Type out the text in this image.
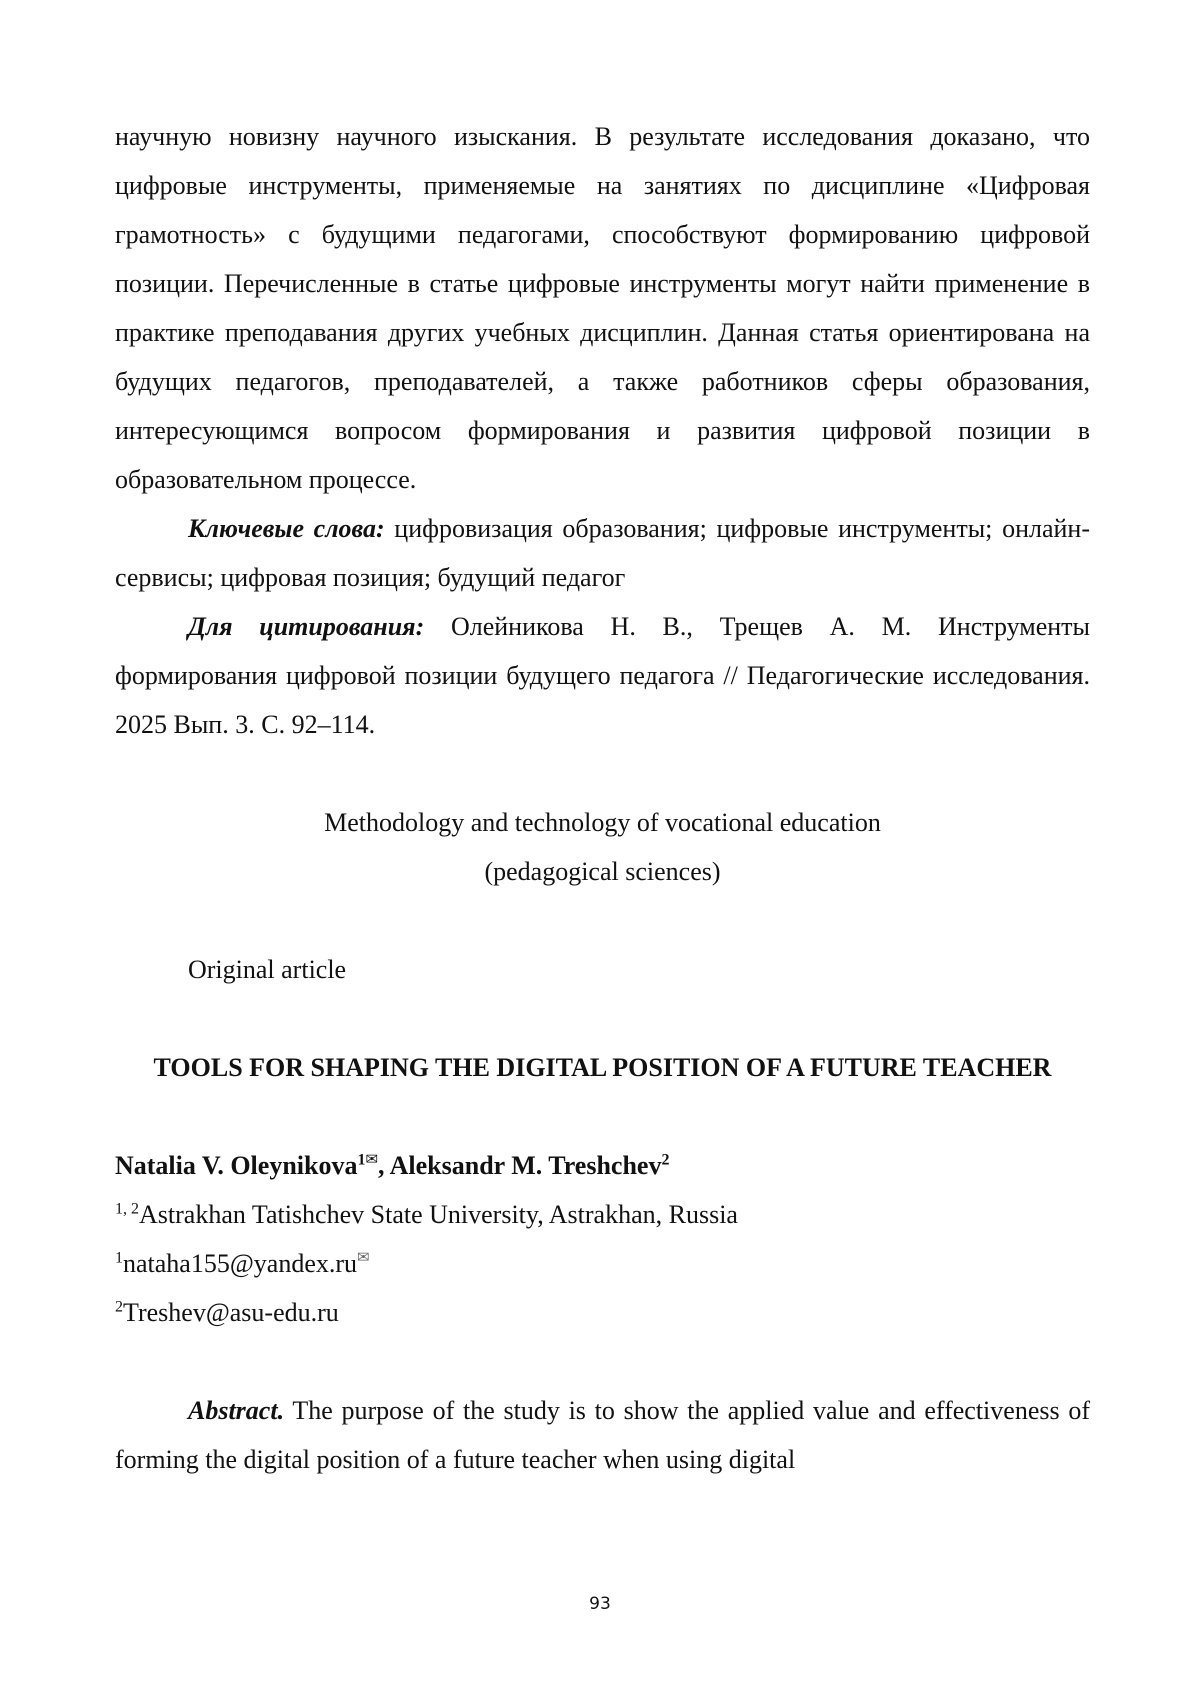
научную новизну научного изыскания. В результате исследования доказано, что цифровые инструменты, применяемые на занятиях по дисциплине «Цифровая грамотность» с будущими педагогами, способствуют формированию цифровой позиции. Перечисленные в статье цифровые инструменты могут найти применение в практике преподавания других учебных дисциплин. Данная статья ориентирована на будущих педагогов, преподавателей, а также работников сферы образования, интересующимся вопросом формирования и развития цифровой позиции в образовательном процессе.

Ключевые слова: цифровизация образования; цифровые инструменты; онлайн-сервисы; цифровая позиция; будущий педагог

Для цитирования: Олейникова Н. В., Трещев А. М. Инструменты формирования цифровой позиции будущего педагога // Педагогические исследования. 2025 Вып. 3. С. 92–114.

Methodology and technology of vocational education

(pedagogical sciences)

Original article

TOOLS FOR SHAPING THE DIGITAL POSITION OF A FUTURE TEACHER

Natalia V. Oleynikova$^1$✉, Aleksandr M. Treshchev$^2$

$^{1, 2}$Astrakhan Tatishchev State University, Astrakhan, Russia

$^1$nataha155@yandex.ru✉

$^2$Treshev@asu-edu.ru

Abstract. The purpose of the study is to show the applied value and effectiveness of forming the digital position of a future teacher when using digital

93
